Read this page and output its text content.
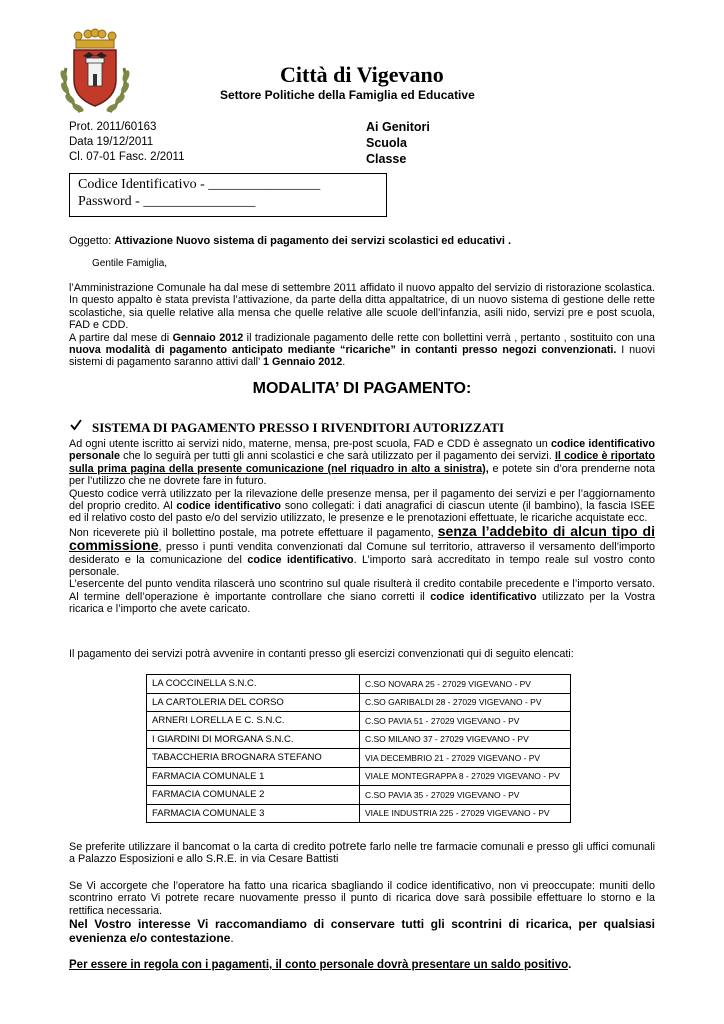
Città di Vigevano
Settore Politiche della Famiglia ed Educative
Prot. 2011/60163
Data 19/12/2011
Cl. 07-01 Fasc. 2/2011
Ai Genitori
Scuola
Classe
Codice Identificativo - ________________
Password - ________________
Oggetto: Attivazione Nuovo sistema di pagamento dei servizi scolastici ed educativi .
Gentile Famiglia,

l’Amministrazione Comunale ha dal mese di settembre 2011 affidato il nuovo appalto del servizio di ristorazione scolastica. In questo appalto è stata prevista l’attivazione, da parte della ditta appaltatrice, di un nuovo sistema di gestione delle rette scolastiche, sia quelle relative alla mensa che quelle relative alle scuole dell’infanzia, asili nido, servizi pre e post scuola, FAD e CDD.

A partire dal mese di Gennaio 2012 il tradizionale pagamento delle rette con bollettini verrà , pertanto , sostituito con una nuova modalità di pagamento anticipato mediante “ricariche” in contanti presso negozi convenzionati. I nuovi sistemi di pagamento saranno attivi dall’ 1 Gennaio 2012.

MODALITA’ DI PAGAMENTO:
SISTEMA DI PAGAMENTO PRESSO I RIVENDITORI AUTORIZZATI

Ad ogni utente iscritto ai servizi nido, materne, mensa, pre-post scuola, FAD e CDD è assegnato un codice identificativo personale che lo seguirà per tutti gli anni scolastici e che sarà utilizzato per il pagamento dei servizi. Il codice è riportato sulla prima pagina della presente comunicazione (nel riquadro in alto a sinistra), e potete sin d’ora prenderne nota per l’utilizzo che ne dovrete fare in futuro.

Questo codice verrà utilizzato per la rilevazione delle presenze mensa, per il pagamento dei servizi e per l’aggiornamento del proprio credito. Al codice identificativo sono collegati: i dati anagrafici di ciascun utente (il bambino), la fascia ISEE ed il relativo costo del pasto e/o del servizio utilizzato, le presenze e le prenotazioni effettuate, le ricariche acquistate ecc.

Non riceverete più il bollettino postale, ma potrete effettuare il pagamento, senza l’addebito di alcun tipo di commissione, presso i punti vendita convenzionati dal Comune sul territorio, attraverso il versamento dell’importo desiderato e la comunicazione del codice identificativo. L’importo sarà accreditato in tempo reale sul vostro conto personale.

L’esercente del punto vendita rilascerà uno scontrino sul quale risulterà il credito contabile precedente e l’importo versato. Al termine dell’operazione è importante controllare che siano corretti il codice identificativo utilizzato per la Vostra ricarica e l’importo che avete caricato.

Il pagamento dei servizi potrà avvenire in contanti presso gli esercizi convenzionati qui di seguito elencati:
LA COCCINELLA S.N.C.	C.SO NOVARA 25 - 27029 VIGEVANO - PV
LA CARTOLERIA DEL CORSO	C.SO GARIBALDI 28 - 27029 VIGEVANO - PV
ARNERI LORELLA E C. S.N.C.	C.SO PAVIA 51 - 27029 VIGEVANO - PV
I GIARDINI DI MORGANA S.N.C.	C.SO MILANO 37 - 27029 VIGEVANO - PV
TABACCHERIA BROGNARA STEFANO	VIA DECEMBRIO 21 - 27029 VIGEVANO - PV
FARMACIA COMUNALE 1	VIALE MONTEGRAPPA 8 - 27029 VIGEVANO - PV
FARMACIA COMUNALE 2	C.SO PAVIA 35 - 27029 VIGEVANO - PV
FARMACIA COMUNALE 3	VIALE INDUSTRIA 225 - 27029 VIGEVANO - PV
Se preferite utilizzare il bancomat o la carta di credito potrete farlo nelle tre farmacie comunali e presso gli uffici comunali a Palazzo Esposizioni e allo S.R.E. in via Cesare Battisti
Se Vi accorgete che l’operatore ha fatto una ricarica sbagliando il codice identificativo, non vi preoccupate: muniti dello scontrino errato Vi potrete recare nuovamente presso il punto di ricarica dove sarà possibile effettuare lo storno e la rettifica necessaria.
Nel Vostro interesse Vi raccomandiamo di conservare tutti gli scontrini di ricarica, per qualsiasi evenienza e/o contestazione.
Per essere in regola con i pagamenti, il conto personale dovrà presentare un saldo positivo.
